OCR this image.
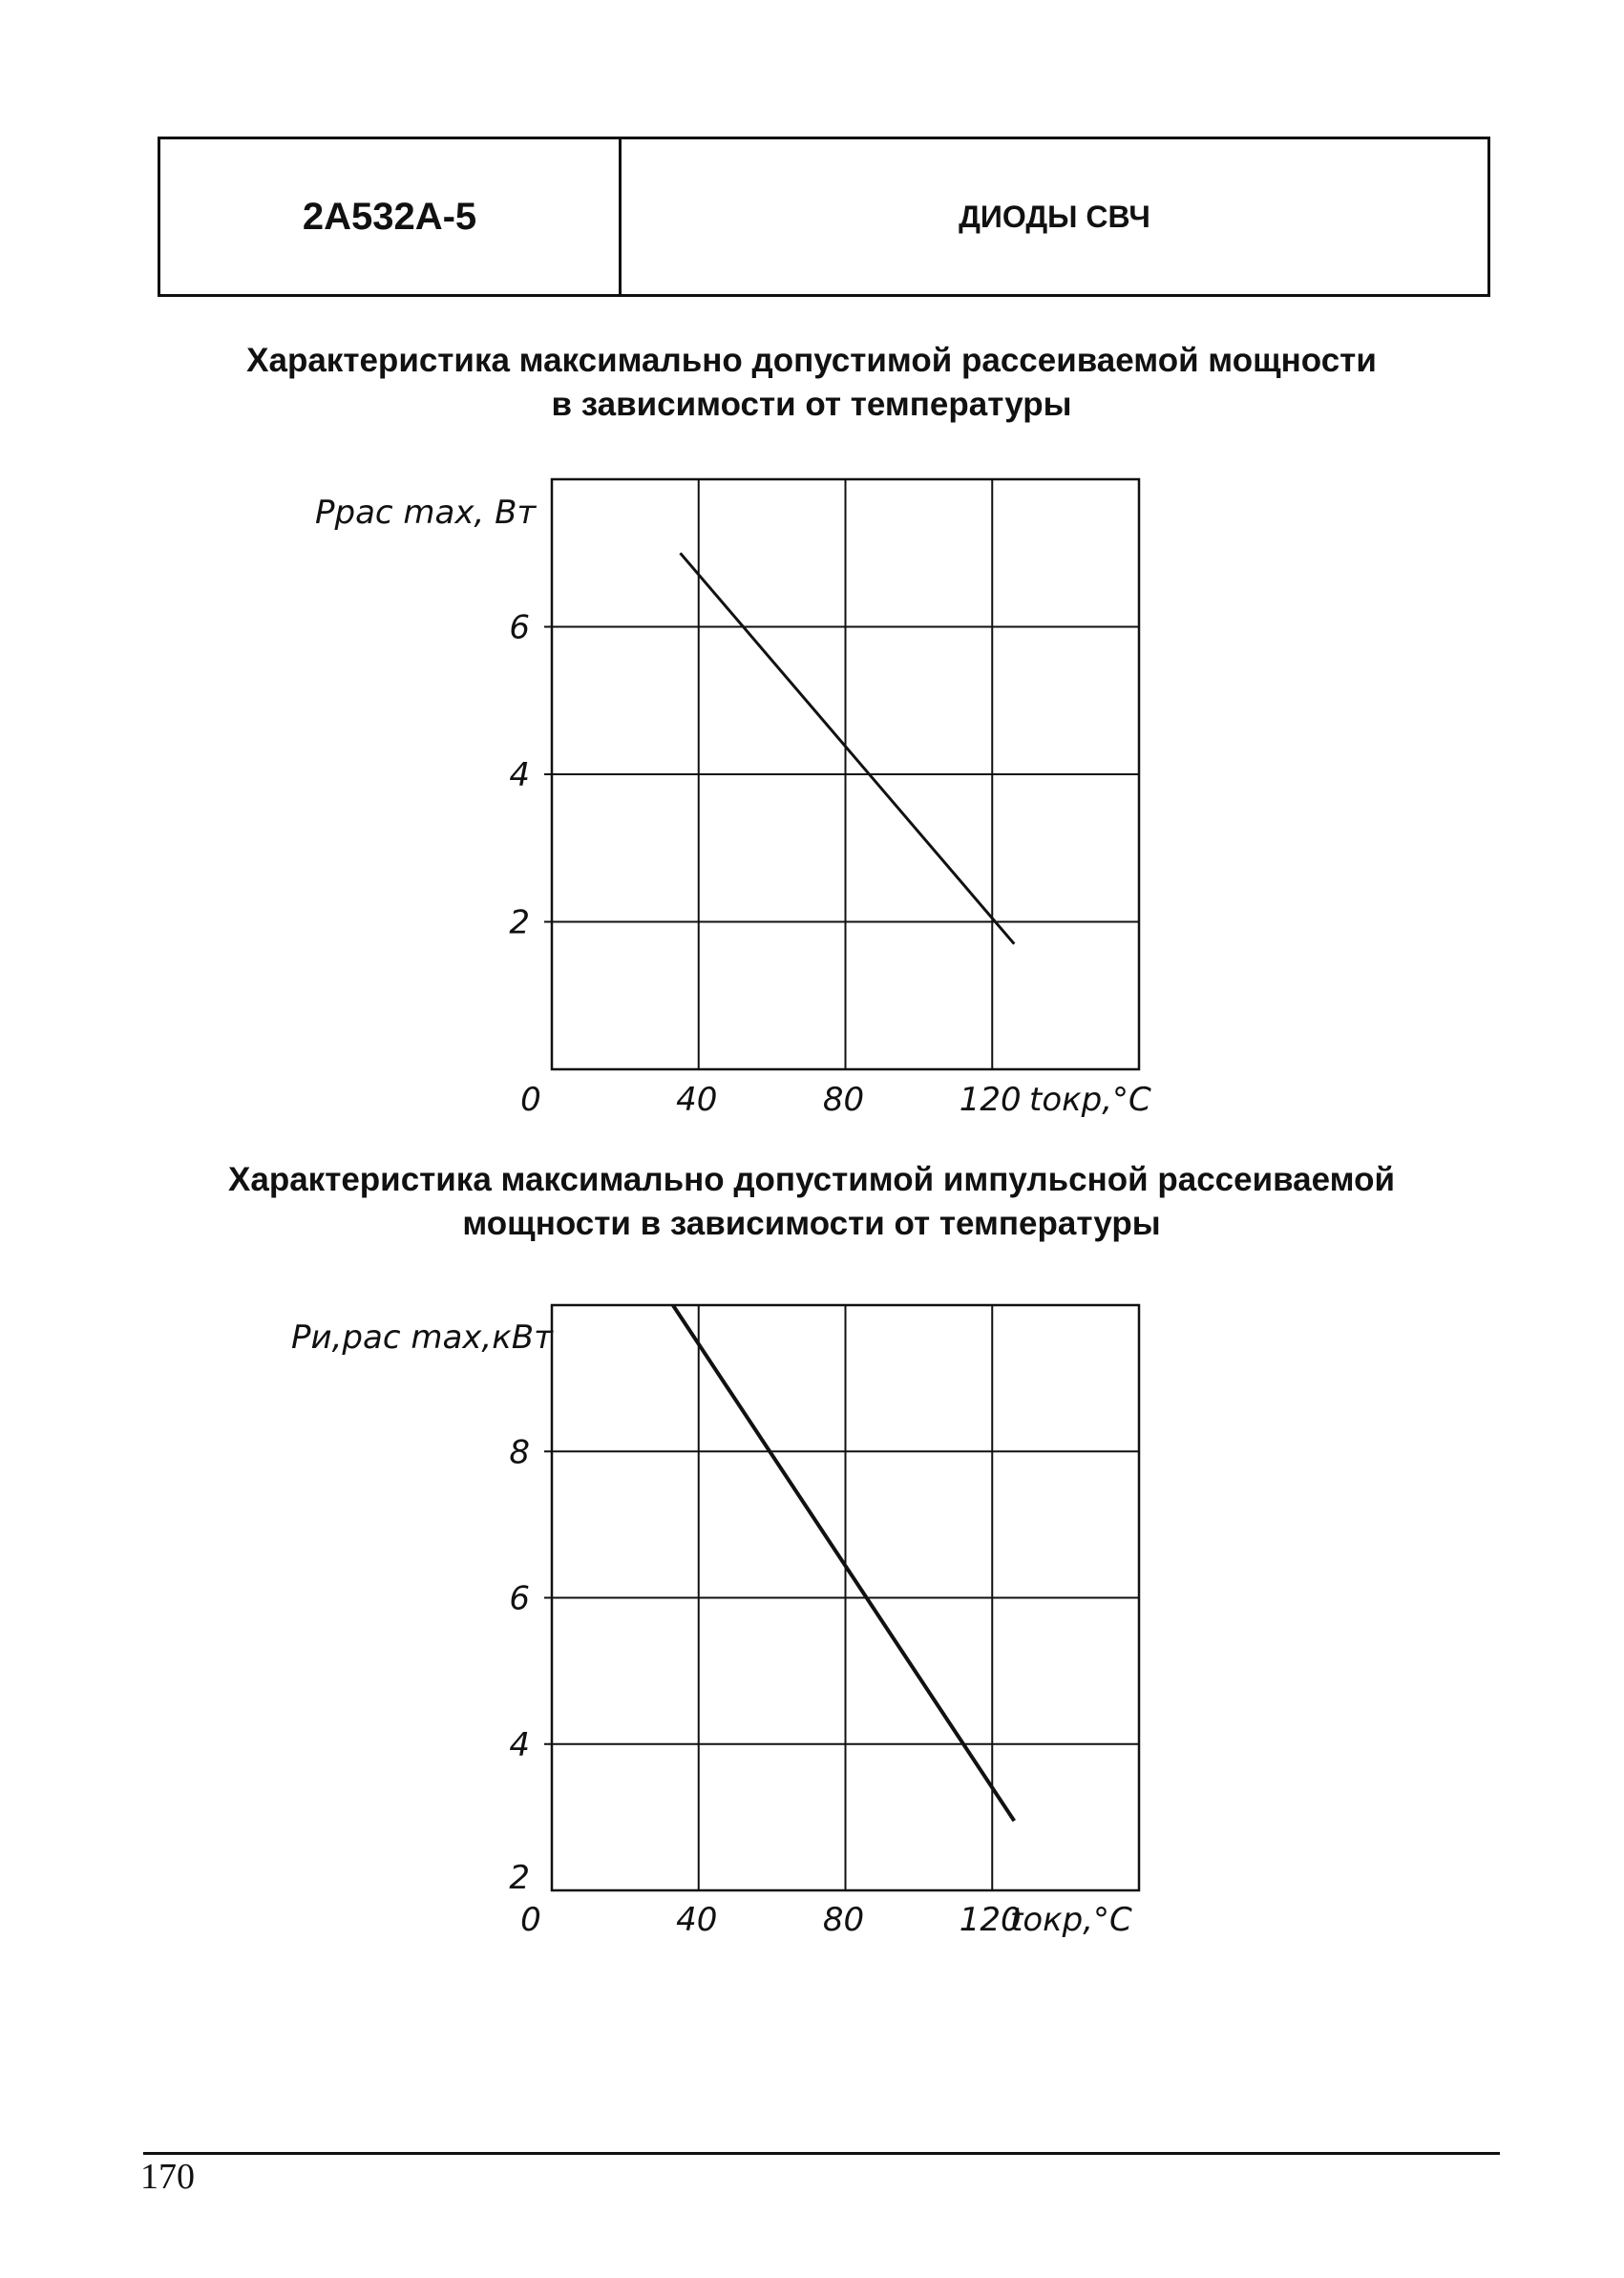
2А532А-5	ДИОДЫ СВЧ
Характеристика максимально допустимой рассеиваемой мощности
в зависимости от температуры
0	40	80	120
2
4
6
Pрас max, Вт
tокр,°C
Характеристика максимально допустимой импульсной рассеиваемой
мощности в зависимости от температуры
0	40	80	120
2
4
6
8
Pи,рас max,кВт
tокр,°C
170
